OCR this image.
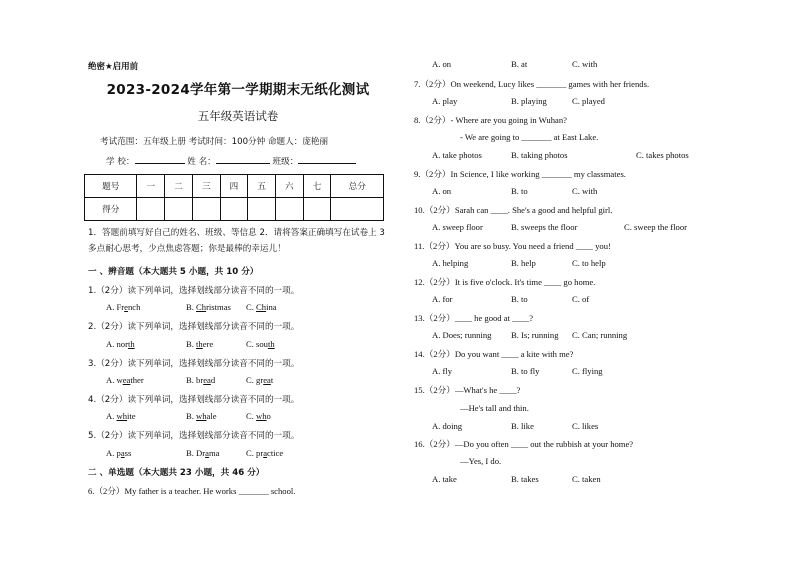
绝密★启用前
2023-2024学年第一学期期末无纸化测试
五年级英语试卷
考试范围：五年级上册 考试时间：100分钟 命题人：庞艳丽
学 校：	姓 名：	班级：
题号	一	二	三	四	五	六	七	总分
得分								
1．答题前填写好自己的姓名、班级、等信息 2．请将答案正确填写在试卷上 3多点耐心思考，少点焦虑答题；你是最棒的幸运儿！
一 、辨音题（本大题共 5 小题，共 10 分）
1.（2分）读下列单词，选择划线部分读音不同的一项。
A. French	B. Christmas C. China
2.（2分）读下列单词，选择划线部分读音不同的一项。
A. north	B. there	C. south
3.（2分）读下列单词，选择划线部分读音不同的一项。
A. weather	B. bread	C. great
4.（2分）读下列单词，选择划线部分读音不同的一项。
A. white	B. whale	C. who
5.（2分）读下列单词，选择划线部分读音不同的一项。
A. pass	B. Drama	C. practice
二 、单选题（本大题共 23 小题，共 46 分）
6.（2分）My father is a teacher. He works _______ school.
A. on	B. at	C. with
7.（2分）On weekend, Lucy likes _______ games with her friends.
A. play	B. playing	C. played
8.（2分）- Where are you going in Wuhan?
- We are going to _______ at East Lake.
A. take photos	B. taking photos	C. takes photos
9.（2分）In Science, I like working _______ my classmates.
A. on	B. to	C. with
10.（2分）Sarah can ____. She's a good and helpful girl.
A. sweep floor	B. sweeps the floor	C. sweep the floor
11.（2分）You are so busy. You need a friend ____ you!
A. helping	B. help	C. to help
12.（2分）It is five o'clock. It's time ____ go home.
A. for	B. to	C. of
13.（2分）____ he good at ____?
A. Does; running B. Is; running C. Can; running
14.（2分）Do you want ____ a kite with me?
A. fly	B. to fly	C. flying
15.（2分）—What's he ____?
—He's tall and thin.
A. doing	B. like	C. likes
16.（2分）—Do you often ____ out the rubbish at your home?
—Yes, I do.
A. take	B. takes	C. taken
